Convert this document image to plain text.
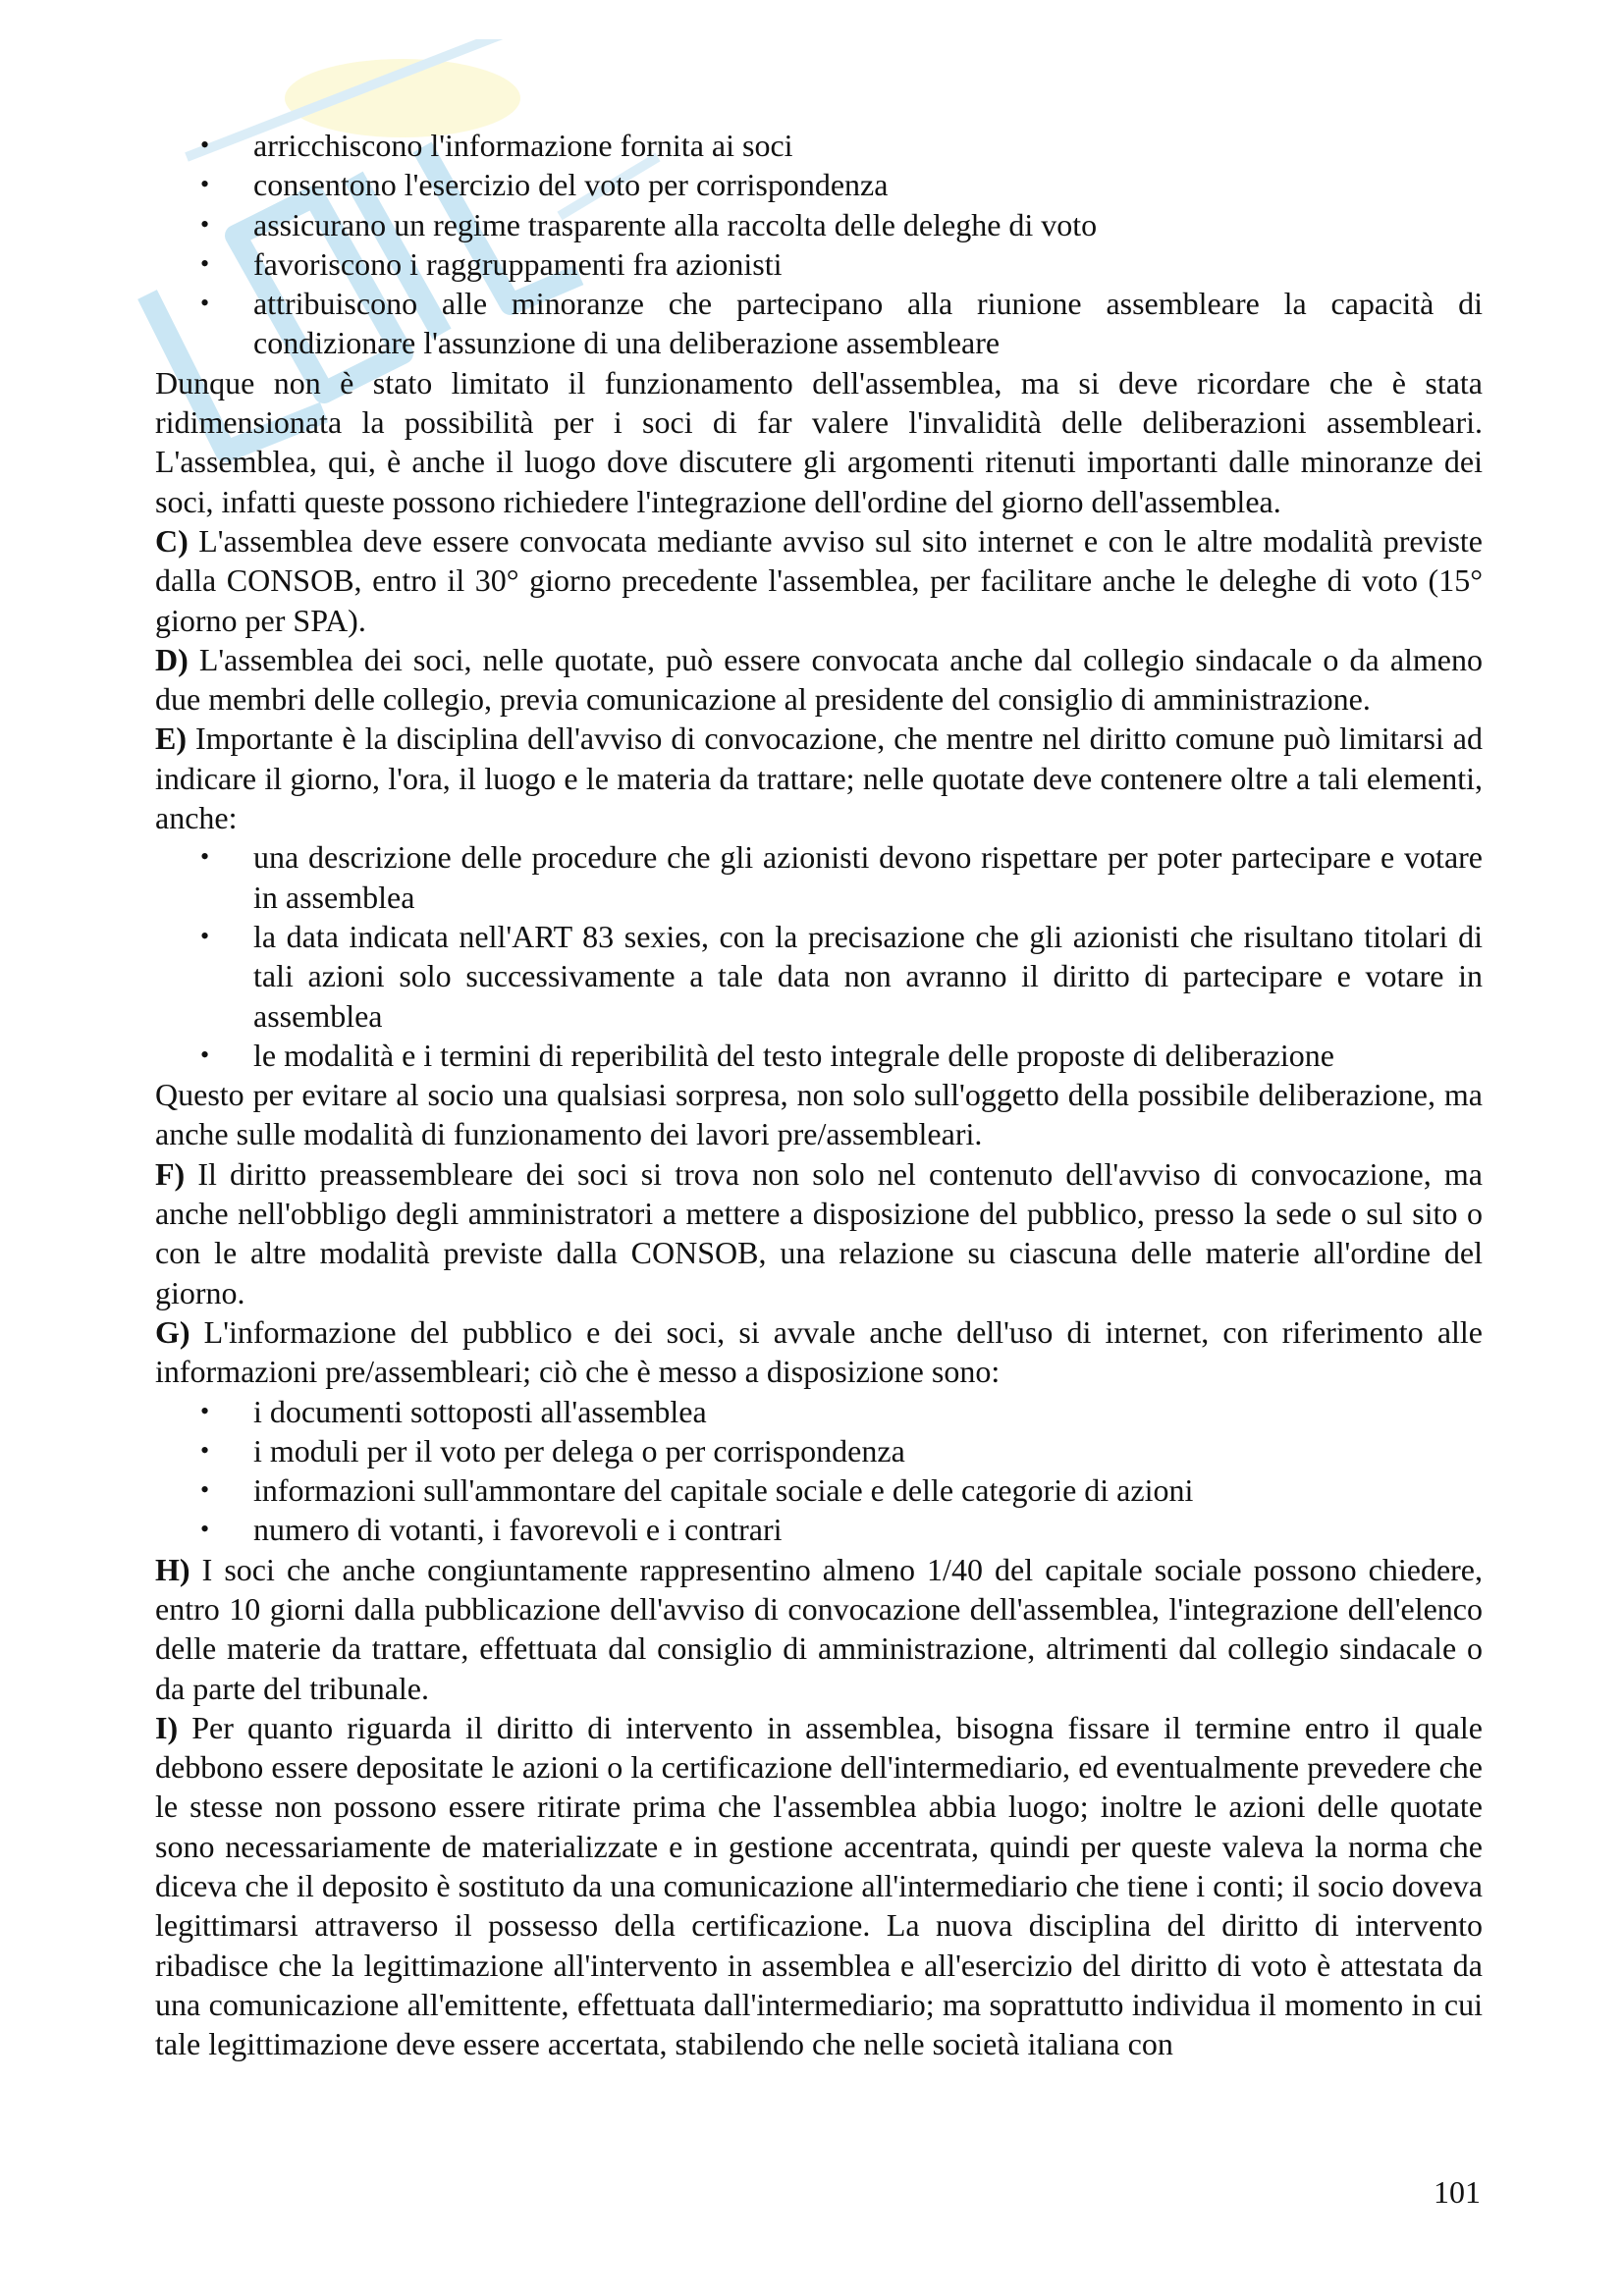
• arricchiscono l'informazione fornita ai soci
• consentono l'esercizio del voto per corrispondenza
• assicurano un regime trasparente alla raccolta delle deleghe di voto
• favoriscono i raggruppamenti fra azionisti
• attribuiscono alle minoranze che partecipano alla riunione assembleare la capacità di condizionare l'assunzione di una deliberazione assembleare

Dunque non è stato limitato il funzionamento dell'assemblea, ma si deve ricordare che è stata ridimensionata la possibilità per i soci di far valere l'invalidità delle deliberazioni assembleari. L'assemblea, qui, è anche il luogo dove discutere gli argomenti ritenuti importanti dalle minoranze dei soci, infatti queste possono richiedere l'integrazione dell'ordine del giorno dell'assemblea.

C) L'assemblea deve essere convocata mediante avviso sul sito internet e con le altre modalità previste dalla CONSOB, entro il 30° giorno precedente l'assemblea, per facilitare anche le deleghe di voto (15° giorno per SPA).

D) L'assemblea dei soci, nelle quotate, può essere convocata anche dal collegio sindacale o da almeno due membri delle collegio, previa comunicazione al presidente del consiglio di amministrazione.

E) Importante è la disciplina dell'avviso di convocazione, che mentre nel diritto comune può limitarsi ad indicare il giorno, l'ora, il luogo e le materia da trattare; nelle quotate deve contenere oltre a tali elementi, anche:

• una descrizione delle procedure che gli azionisti devono rispettare per poter partecipare e votare in assemblea
• la data indicata nell'ART 83 sexies, con la precisazione che gli azionisti che risultano titolari di tali azioni solo successivamente a tale data non avranno il diritto di partecipare e votare in assemblea
• le modalità e i termini di reperibilità del testo integrale delle proposte di deliberazione

Questo per evitare al socio una qualsiasi sorpresa, non solo sull'oggetto della possibile deliberazione, ma anche sulle modalità di funzionamento dei lavori pre/assembleari.

F) Il diritto preassembleare dei soci si trova non solo nel contenuto dell'avviso di convocazione, ma anche nell'obbligo degli amministratori a mettere a disposizione del pubblico, presso la sede o sul sito o con le altre modalità previste dalla CONSOB, una relazione su ciascuna delle materie all'ordine del giorno.

G) L'informazione del pubblico e dei soci, si avvale anche dell'uso di internet, con riferimento alle informazioni pre/assembleari; ciò che è messo a disposizione sono:

• i documenti sottoposti all'assemblea
• i moduli per il voto per delega o per corrispondenza
• informazioni sull'ammontare del capitale sociale e delle categorie di azioni
• numero di votanti, i favorevoli e i contrari

H) I soci che anche congiuntamente rappresentino almeno 1/40 del capitale sociale possono chiedere, entro 10 giorni dalla pubblicazione dell'avviso di convocazione dell'assemblea, l'integrazione dell'elenco delle materie da trattare, effettuata dal consiglio di amministrazione, altrimenti dal collegio sindacale o da parte del tribunale.

I) Per quanto riguarda il diritto di intervento in assemblea, bisogna fissare il termine entro il quale debbono essere depositate le azioni o la certificazione dell'intermediario, ed eventualmente prevedere che le stesse non possono essere ritirate prima che l'assemblea abbia luogo; inoltre le azioni delle quotate sono necessariamente de materializzate e in gestione accentrata, quindi per queste valeva la norma che diceva che il deposito è sostituto da una comunicazione all'intermediario che tiene i conti; il socio doveva legittimarsi attraverso il possesso della certificazione. La nuova disciplina del diritto di intervento ribadisce che la legittimazione all'intervento in assemblea e all'esercizio del diritto di voto è attestata da una comunicazione all'emittente, effettuata dall'intermediario; ma soprattutto individua il momento in cui tale legittimazione deve essere accertata, stabilendo che nelle società italiana con

101
